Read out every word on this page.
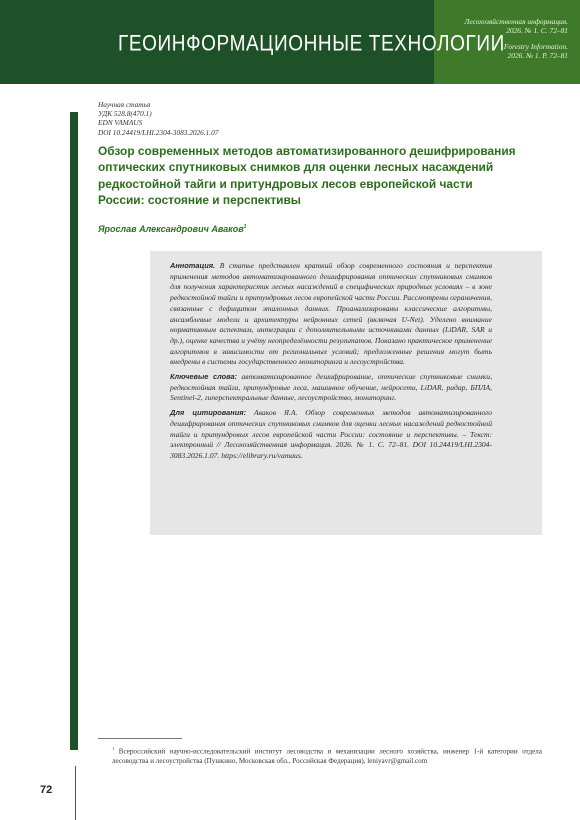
ГЕОИНФОРМАЦИОННЫЕ ТЕХНОЛОГИИ
Лесохозяйственная информация.
2026. № 1. С. 72–81
Forestry Information.
2026. № 1. P. 72–81
Научная статья
УДК 528.8(470.1)
EDN VAMAUS
DOI 10.24419/LHI.2304-3083.2026.1.07
Обзор современных методов автоматизированного дешифрирования оптических спутниковых снимков для оценки лесных насаждений редкостойной тайги и притундровых лесов европейской части России: состояние и перспективы
Ярослав Александрович Аваков$^1$

Аннотация. В статье представлен краткий обзор современного состояния и перспектив применения методов автоматизированного дешифрирования оптических спутниковых снимков для получения характеристик лесных насаждений в специфических природных условиях – в зоне редкостойной тайги и притундровых лесов европейской части России. Рассмотрены ограничения, связанные с дефицитом эталонных данных. Проанализированы классические алгоритмы, ансамблевые модели и архитектуры нейронных сетей (включая U-Net). Уделено внимание нормативным аспектам, интеграции с дополнительными источниками данных (LiDAR, SAR и др.), оценке качества и учёту неопределённости результатов. Показано практическое применение алгоритмов в зависимости от региональных условий; предложенные решения могут быть внедрены в системы государственного мониторинга и лесоустройства.

Ключевые слова: автоматизированное дешифрирование, оптические спутниковые снимки, редкостойная тайга, притундровые леса, машинное обучение, нейросети, LiDAR, радар, БПЛА, Sentinel-2, гиперспектральные данные, лесоустройство, мониторинг.

Для цитирования: Аваков Я.А. Обзор современных методов автоматизированного дешифрирования оптических спутниковых снимков для оценки лесных насаждений редкостойной тайги и притундровых лесов европейской части России: состояние и перспективы. – Текст: электронный // Лесохозяйственная информация. 2026. № 1. С. 72–81. DOI 10.24419/LHI.2304-3083.2026.1.07. https://elibrary.ru/vamaus.

$^1$ Всероссийский научно-исследовательский институт лесоводства и механизации лесного хозяйства, инженер 1-й категории отдела лесоводства и лесоустройства (Пушкино, Московская обл., Российская Федерация), leniyavr@gmail.com
72
